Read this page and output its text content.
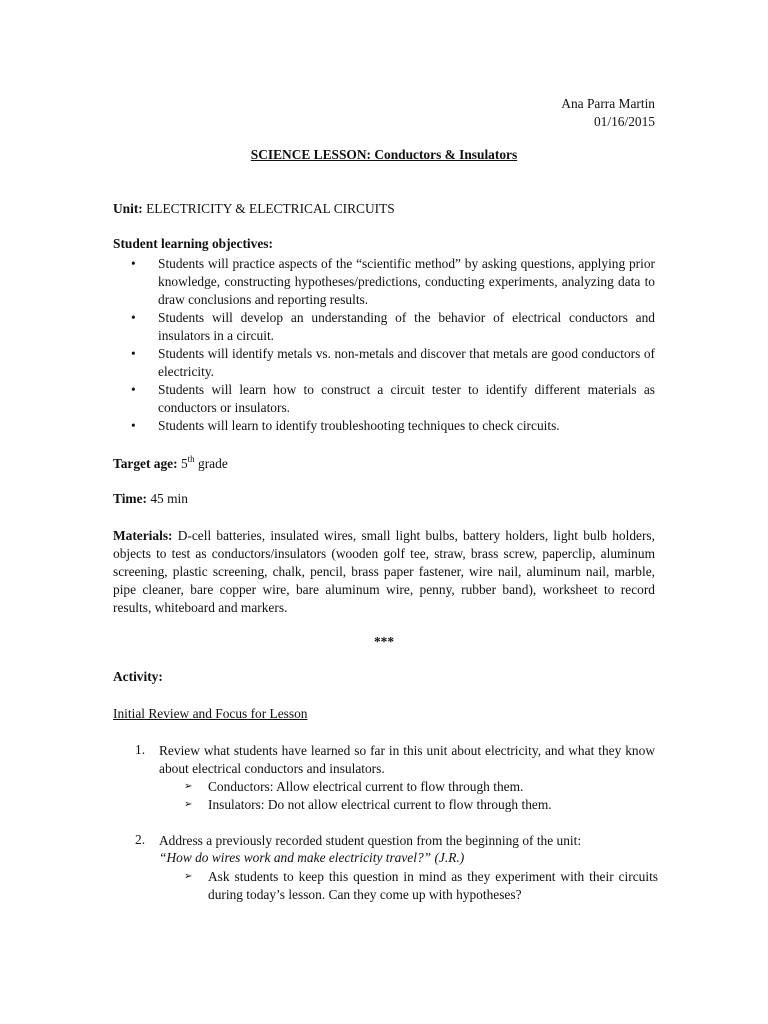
Ana Parra Martin
01/16/2015
SCIENCE LESSON: Conductors & Insulators
Unit: ELECTRICITY & ELECTRICAL CIRCUITS
Student learning objectives:
• Students will practice aspects of the “scientific method” by asking questions, applying prior knowledge, constructing hypotheses/predictions, conducting experiments, analyzing data to draw conclusions and reporting results.
• Students will develop an understanding of the behavior of electrical conductors and insulators in a circuit.
• Students will identify metals vs. non-metals and discover that metals are good conductors of electricity.
• Students will learn how to construct a circuit tester to identify different materials as conductors or insulators.
• Students will learn to identify troubleshooting techniques to check circuits.
Target age: 5th grade
Time: 45 min
Materials: D-cell batteries, insulated wires, small light bulbs, battery holders, light bulb holders, objects to test as conductors/insulators (wooden golf tee, straw, brass screw, paperclip, aluminum screening, plastic screening, chalk, pencil, brass paper fastener, wire nail, aluminum nail, marble, pipe cleaner, bare copper wire, bare aluminum wire, penny, rubber band), worksheet to record results, whiteboard and markers.
***
Activity:
Initial Review and Focus for Lesson
1. Review what students have learned so far in this unit about electricity, and what they know about electrical conductors and insulators.
➢ Conductors: Allow electrical current to flow through them.
➢ Insulators: Do not allow electrical current to flow through them.
2. Address a previously recorded student question from the beginning of the unit:
“How do wires work and make electricity travel?” (J.R.)
➢ Ask students to keep this question in mind as they experiment with their circuits during today’s lesson. Can they come up with hypotheses?
